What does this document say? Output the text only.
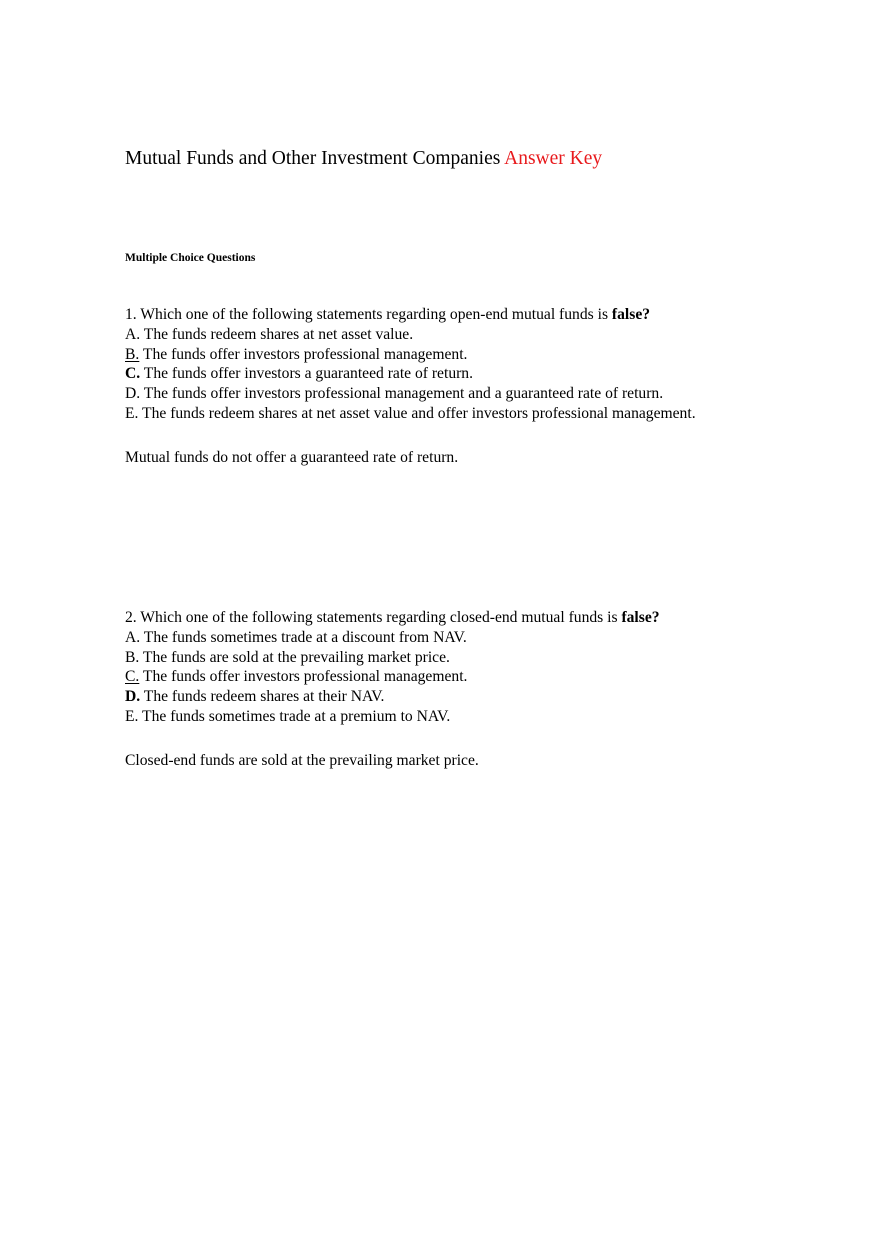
Mutual Funds and Other Investment Companies Answer Key
Multiple Choice Questions
1. Which one of the following statements regarding open-end mutual funds is false?
A. The funds redeem shares at net asset value.
B. The funds offer investors professional management.
C. The funds offer investors a guaranteed rate of return.
D. The funds offer investors professional management and a guaranteed rate of return.
E. The funds redeem shares at net asset value and offer investors professional management.
Mutual funds do not offer a guaranteed rate of return.
2. Which one of the following statements regarding closed-end mutual funds is false?
A. The funds sometimes trade at a discount from NAV.
B. The funds are sold at the prevailing market price.
C. The funds offer investors professional management.
D. The funds redeem shares at their NAV.
E. The funds sometimes trade at a premium to NAV.
Closed-end funds are sold at the prevailing market price.
